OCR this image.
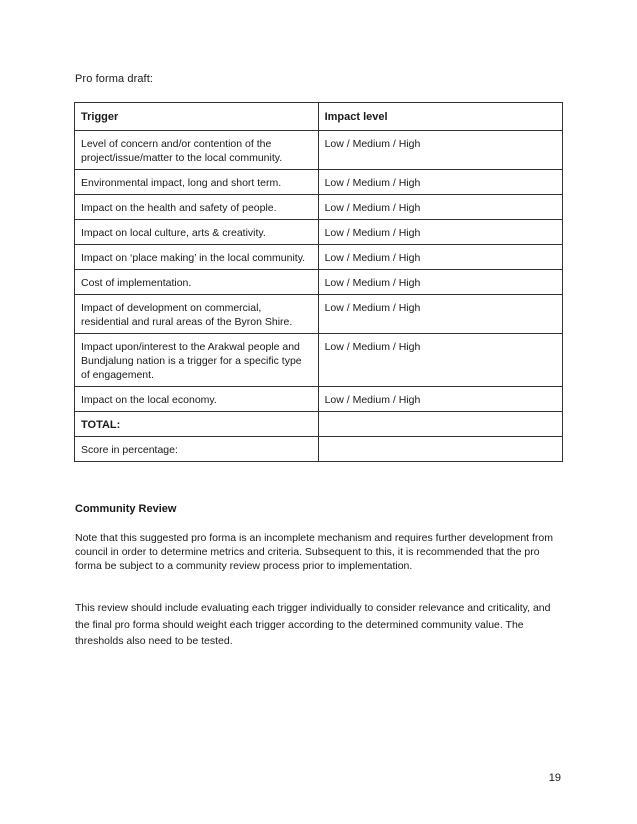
Pro forma draft:
Trigger	Impact level
Level of concern and/or contention of the project/issue/matter to the local community.	Low / Medium / High
Environmental impact, long and short term.	Low / Medium / High
Impact on the health and safety of people.	Low / Medium / High
Impact on local culture, arts & creativity.	Low / Medium / High
Impact on ‘place making’ in the local community.	Low / Medium / High
Cost of implementation.	Low / Medium / High
Impact of development on commercial, residential and rural areas of the Byron Shire.	Low / Medium / High
Impact upon/interest to the Arakwal people and Bundjalung nation is a trigger for a specific type of engagement.	Low / Medium / High
Impact on the local economy.	Low / Medium / High
TOTAL:	
Score in percentage:	
Community Review

Note that this suggested pro forma is an incomplete mechanism and requires further development from council in order to determine metrics and criteria. Subsequent to this, it is recommended that the pro forma be subject to a community review process prior to implementation.

This review should include evaluating each trigger individually to consider relevance and criticality, and the final pro forma should weight each trigger according to the determined community value. The thresholds also need to be tested.

19
